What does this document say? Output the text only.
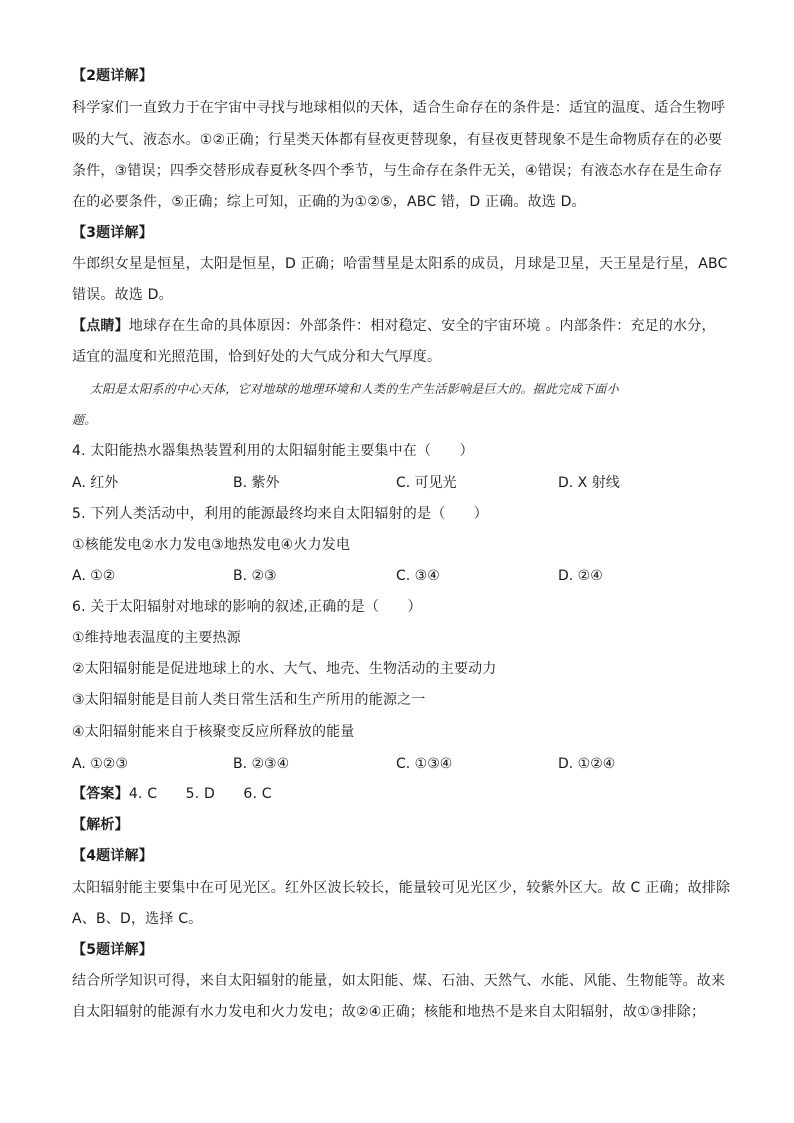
【2题详解】
科学家们一直致力于在宇宙中寻找与地球相似的天体，适合生命存在的条件是：适宜的温度、适合生物呼
吸的大气、液态水。①②正确；行星类天体都有昼夜更替现象，有昼夜更替现象不是生命物质存在的必要
条件，③错误；四季交替形成春夏秋冬四个季节，与生命存在条件无关，④错误；有液态水存在是生命存
在的必要条件，⑤正确；综上可知，正确的为①②⑤，ABC 错，D 正确。故选 D。
【3题详解】
牛郎织女星是恒星，太阳是恒星，D 正确；哈雷彗星是太阳系的成员，月球是卫星，天王星是行星，ABC
错误。故选 D。
【点睛】地球存在生命的具体原因：外部条件：相对稳定、安全的宇宙环境 。内部条件：充足的水分，
适宜的温度和光照范围，恰到好处的大气成分和大气厚度。
太阳是太阳系的中心天体，它对地球的地理环境和人类的生产生活影响是巨大的。据此完成下面小
题。
4. 太阳能热水器集热装置利用的太阳辐射能主要集中在（　　）
A. 红外	B. 紫外	C. 可见光	D. X 射线
5. 下列人类活动中，利用的能源最终均来自太阳辐射的是（　　）
①核能发电②水力发电③地热发电④火力发电
A. ①②	B. ②③	C. ③④	D. ②④
6. 关于太阳辐射对地球的影响的叙述,正确的是（　　）
①维持地表温度的主要热源
②太阳辐射能是促进地球上的水、大气、地壳、生物活动的主要动力
③太阳辐射能是目前人类日常生活和生产所用的能源之一
④太阳辐射能来自于核聚变反应所释放的能量
A. ①②③	B. ②③④	C. ①③④	D. ①②④
【答案】4. C　　5. D　　6. C
【解析】
【4题详解】
太阳辐射能主要集中在可见光区。红外区波长较长，能量较可见光区少，较紫外区大。故 C 正确；故排除
A、B、D，选择 C。
【5题详解】
结合所学知识可得，来自太阳辐射的能量，如太阳能、煤、石油、天然气、水能、风能、生物能等。故来
自太阳辐射的能源有水力发电和火力发电；故②④正确；核能和地热不是来自太阳辐射，故①③排除；
